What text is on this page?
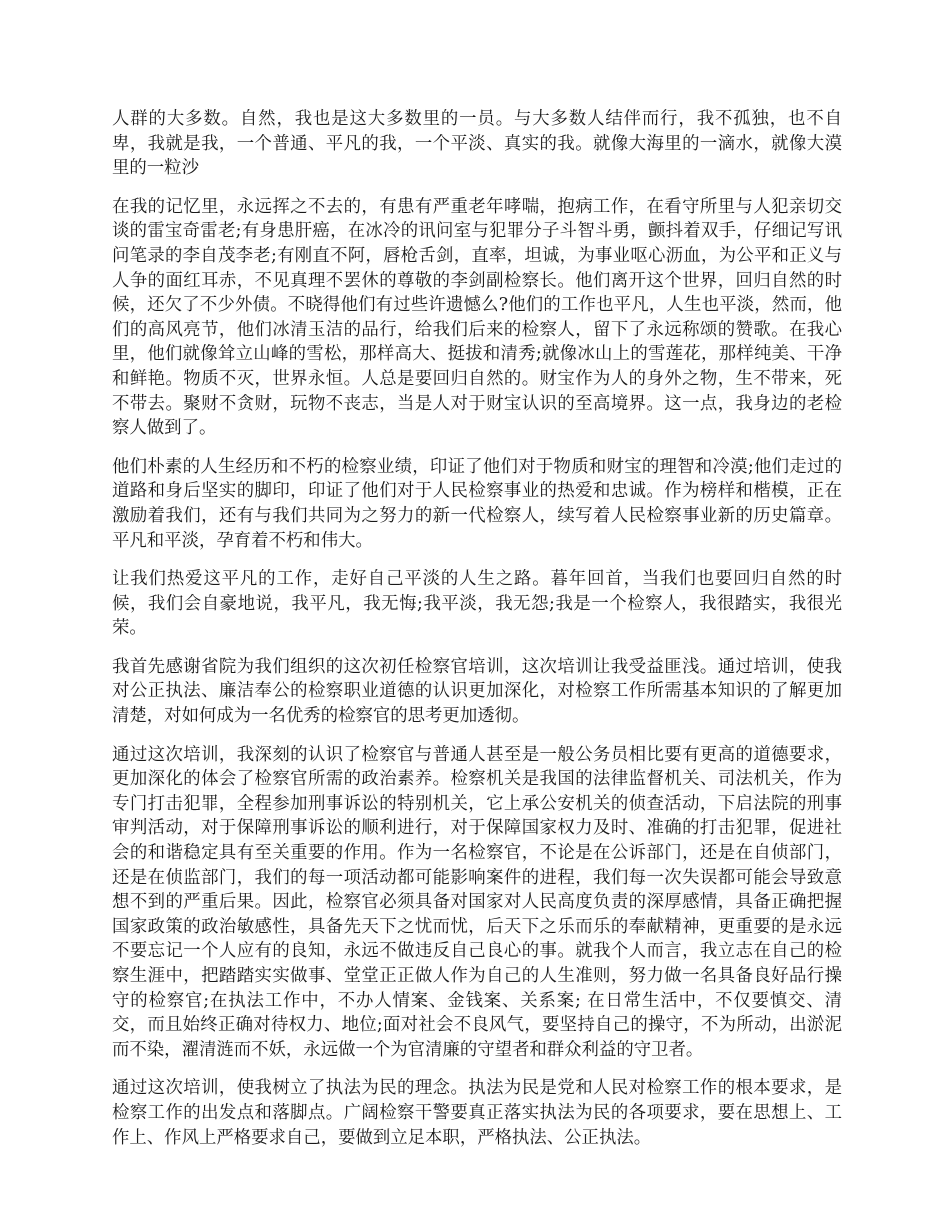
人群的大多数。自然，我也是这大多数里的一员。与大多数人结伴而行，我不孤独，也不自卑，我就是我，一个普通、平凡的我，一个平淡、真实的我。就像大海里的一滴水，就像大漠里的一粒沙

在我的记忆里，永远挥之不去的，有患有严重老年哮喘，抱病工作，在看守所里与人犯亲切交谈的雷宝奇雷老;有身患肝癌，在冰冷的讯问室与犯罪分子斗智斗勇，颤抖着双手，仔细记写讯问笔录的李自茂李老;有刚直不阿，唇枪舌剑，直率，坦诚，为事业呕心沥血，为公平和正义与人争的面红耳赤，不见真理不罢休的尊敬的李剑副检察长。他们离开这个世界，回归自然的时候，还欠了不少外债。不晓得他们有过些许遗憾么?他们的工作也平凡，人生也平淡，然而，他们的高风亮节，他们冰清玉洁的品行，给我们后来的检察人，留下了永远称颂的赞歌。在我心里，他们就像耸立山峰的雪松，那样高大、挺拔和清秀;就像冰山上的雪莲花，那样纯美、干净和鲜艳。物质不灭，世界永恒。人总是要回归自然的。财宝作为人的身外之物，生不带来，死不带去。聚财不贪财，玩物不丧志，当是人对于财宝认识的至高境界。这一点，我身边的老检察人做到了。

他们朴素的人生经历和不朽的检察业绩，印证了他们对于物质和财宝的理智和冷漠;他们走过的道路和身后坚实的脚印，印证了他们对于人民检察事业的热爱和忠诚。作为榜样和楷模，正在激励着我们，还有与我们共同为之努力的新一代检察人，续写着人民检察事业新的历史篇章。平凡和平淡，孕育着不朽和伟大。

让我们热爱这平凡的工作，走好自己平淡的人生之路。暮年回首，当我们也要回归自然的时候，我们会自豪地说，我平凡，我无悔;我平淡，我无怨;我是一个检察人，我很踏实，我很光荣。

我首先感谢省院为我们组织的这次初任检察官培训，这次培训让我受益匪浅。通过培训，使我对公正执法、廉洁奉公的检察职业道德的认识更加深化，对检察工作所需基本知识的了解更加清楚，对如何成为一名优秀的检察官的思考更加透彻。

通过这次培训，我深刻的认识了检察官与普通人甚至是一般公务员相比要有更高的道德要求，更加深化的体会了检察官所需的政治素养。检察机关是我国的法律监督机关、司法机关，作为专门打击犯罪，全程参加刑事诉讼的特别机关，它上承公安机关的侦查活动，下启法院的刑事审判活动，对于保障刑事诉讼的顺利进行，对于保障国家权力及时、准确的打击犯罪，促进社会的和谐稳定具有至关重要的作用。作为一名检察官，不论是在公诉部门，还是在自侦部门，还是在侦监部门，我们的每一项活动都可能影响案件的进程，我们每一次失误都可能会导致意想不到的严重后果。因此，检察官必须具备对国家对人民高度负责的深厚感情，具备正确把握国家政策的政治敏感性，具备先天下之忧而忧，后天下之乐而乐的奉献精神，更重要的是永远不要忘记一个人应有的良知，永远不做违反自己良心的事。就我个人而言，我立志在自己的检察生涯中，把踏踏实实做事、堂堂正正做人作为自己的人生准则，努力做一名具备良好品行操守的检察官;在执法工作中，不办人情案、金钱案、关系案; 在日常生活中，不仅要慎交、清交，而且始终正确对待权力、地位;面对社会不良风气，要坚持自己的操守，不为所动，出淤泥而不染，濯清涟而不妖，永远做一个为官清廉的守望者和群众利益的守卫者。

通过这次培训，使我树立了执法为民的理念。执法为民是党和人民对检察工作的根本要求，是检察工作的出发点和落脚点。广阔检察干警要真正落实执法为民的各项要求，要在思想上、工作上、作风上严格要求自己，要做到立足本职，严格执法、公正执法。
